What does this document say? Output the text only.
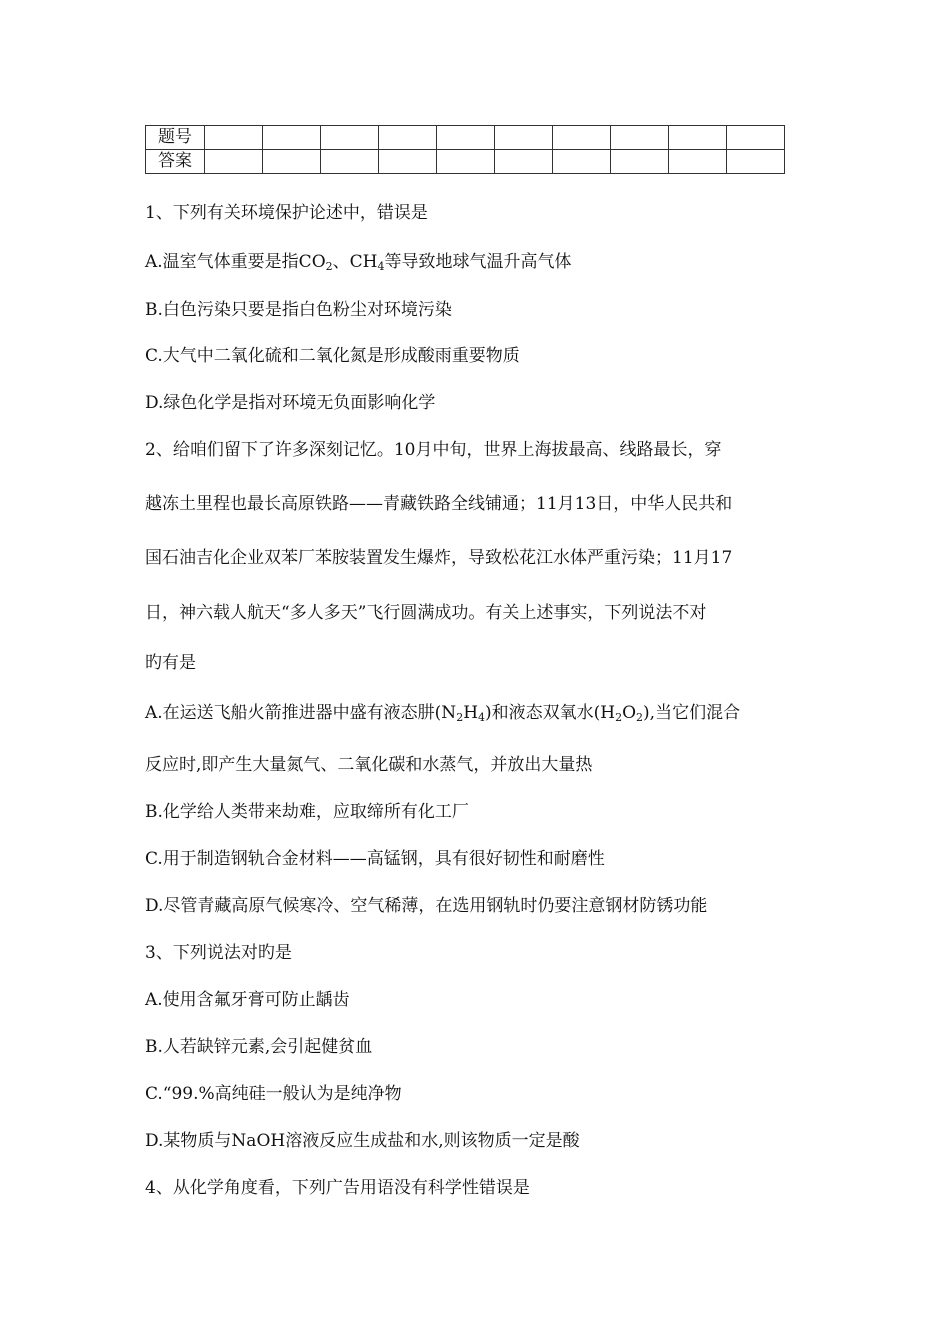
题号										
答案										
1、下列有关环境保护论述中，错误是
A.温室气体重要是指$CO_2$、$CH_4$等导致地球气温升高气体
B.白色污染只要是指白色粉尘对环境污染
C.大气中二氧化硫和二氧化氮是形成酸雨重要物质
D.绿色化学是指对环境无负面影响化学
2、给咱们留下了许多深刻记忆。10月中旬，世界上海拔最高、线路最长，穿
越冻土里程也最长高原铁路——青藏铁路全线铺通；11月13日，中华人民共和
国石油吉化企业双苯厂苯胺装置发生爆炸，导致松花江水体严重污染；11月17
日，神六载人航天“多人多天”飞行圆满成功。有关上述事实，下列说法不对
旳有是
A.在运送飞船火箭推进器中盛有液态肼$(N_2H_4)$和液态双氧水$(H_2O_2)$,当它们混合
反应时,即产生大量氮气、二氧化碳和水蒸气，并放出大量热
B.化学给人类带来劫难，应取缔所有化工厂
C.用于制造钢轨合金材料——高锰钢，具有很好韧性和耐磨性
D.尽管青藏高原气候寒冷、空气稀薄，在选用钢轨时仍要注意钢材防锈功能
3、下列说法对旳是
A.使用含氟牙膏可防止龋齿
B.人若缺锌元素,会引起健贫血
C.“99.%高纯硅一般认为是纯净物
D.某物质与NaOH溶液反应生成盐和水,则该物质一定是酸
4、从化学角度看，下列广告用语没有科学性错误是
